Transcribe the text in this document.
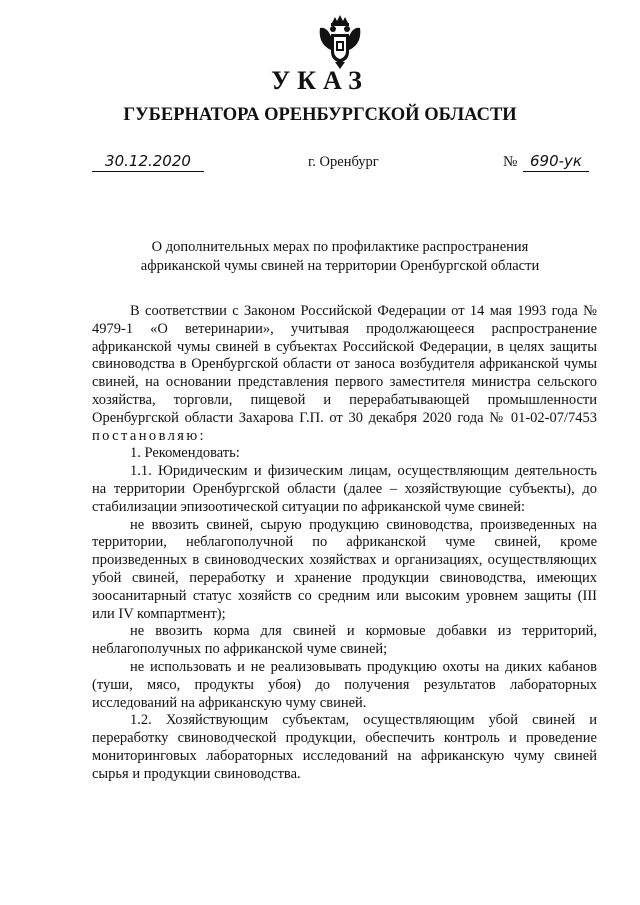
УКАЗ
ГУБЕРНАТОРА ОРЕНБУРГСКОЙ ОБЛАСТИ
30.12.2020	г. Оренбург	№ 690-ук
О дополнительных мерах по профилактике распространения
африканской чумы свиней на территории Оренбургской области

В соответствии с Законом Российской Федерации от 14 мая 1993 года № 4979-1 «О ветеринарии», учитывая продолжающееся распространение африканской чумы свиней в субъектах Российской Федерации, в целях защиты свиноводства в Оренбургской области от заноса возбудителя африканской чумы свиней, на основании представления первого заместителя министра сельского хозяйства, торговли, пищевой и перерабатывающей промышленности Оренбургской области Захарова Г.П. от 30 декабря 2020 года № 01-02-07/7453 постановляю:

1. Рекомендовать:

1.1. Юридическим и физическим лицам, осуществляющим деятельность на территории Оренбургской области (далее – хозяйствующие субъекты), до стабилизации эпизоотической ситуации по африканской чуме свиней:

не ввозить свиней, сырую продукцию свиноводства, произведенных на территории, неблагополучной по африканской чуме свиней, кроме произведенных в свиноводческих хозяйствах и организациях, осуществляющих убой свиней, переработку и хранение продукции свиноводства, имеющих зоосанитарный статус хозяйств со средним или высоким уровнем защиты (III или IV компартмент);

не ввозить корма для свиней и кормовые добавки из территорий, неблагополучных по африканской чуме свиней;

не использовать и не реализовывать продукцию охоты на диких кабанов (туши, мясо, продукты убоя) до получения результатов лабораторных исследований на африканскую чуму свиней.

1.2. Хозяйствующим субъектам, осуществляющим убой свиней и переработку свиноводческой продукции, обеспечить контроль и проведение мониторинговых лабораторных исследований на африканскую чуму свиней сырья и продукции свиноводства.
